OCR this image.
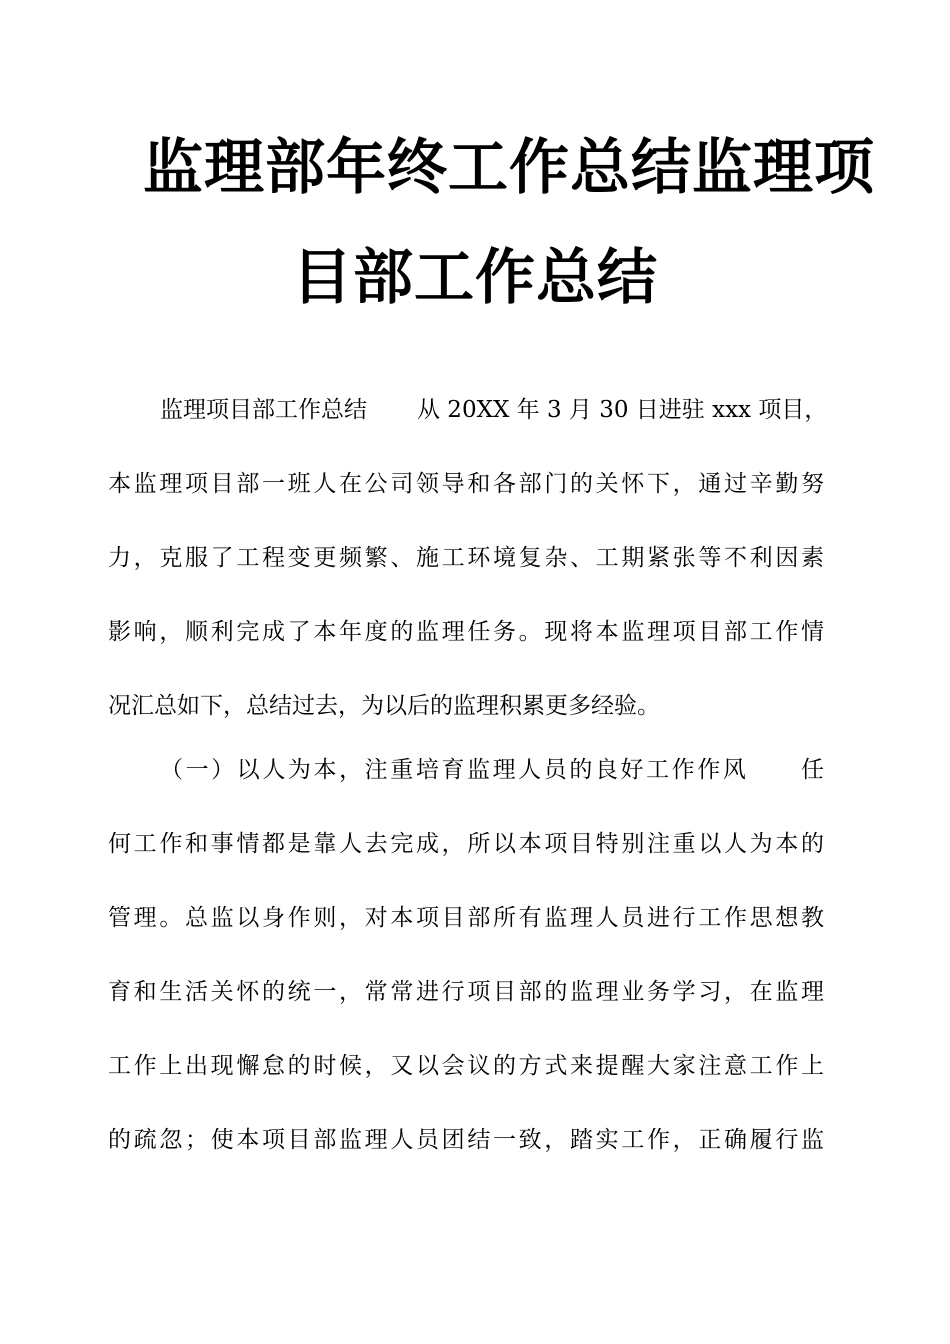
监理部年终工作总结监理项
目部工作总结
监理项目部工作总结 从 20XX 年 3 月 30 日进驻 xxx 项目，
本监理项目部一班人在公司领导和各部门的关怀下，通过辛勤努
力，克服了工程变更频繁、施工环境复杂、工期紧张等不利因素
影响，顺利完成了本年度的监理任务。现将本监理项目部工作情
况汇总如下，总结过去，为以后的监理积累更多经验。
（一）以人为本，注重培育监理人员的良好工作作风 任
何工作和事情都是靠人去完成，所以本项目特别注重以人为本的
管理。总监以身作则，对本项目部所有监理人员进行工作思想教
育和生活关怀的统一，常常进行项目部的监理业务学习，在监理
工作上出现懈怠的时候，又以会议的方式来提醒大家注意工作上
的疏忽；使本项目部监理人员团结一致，踏实工作，正确履行监
